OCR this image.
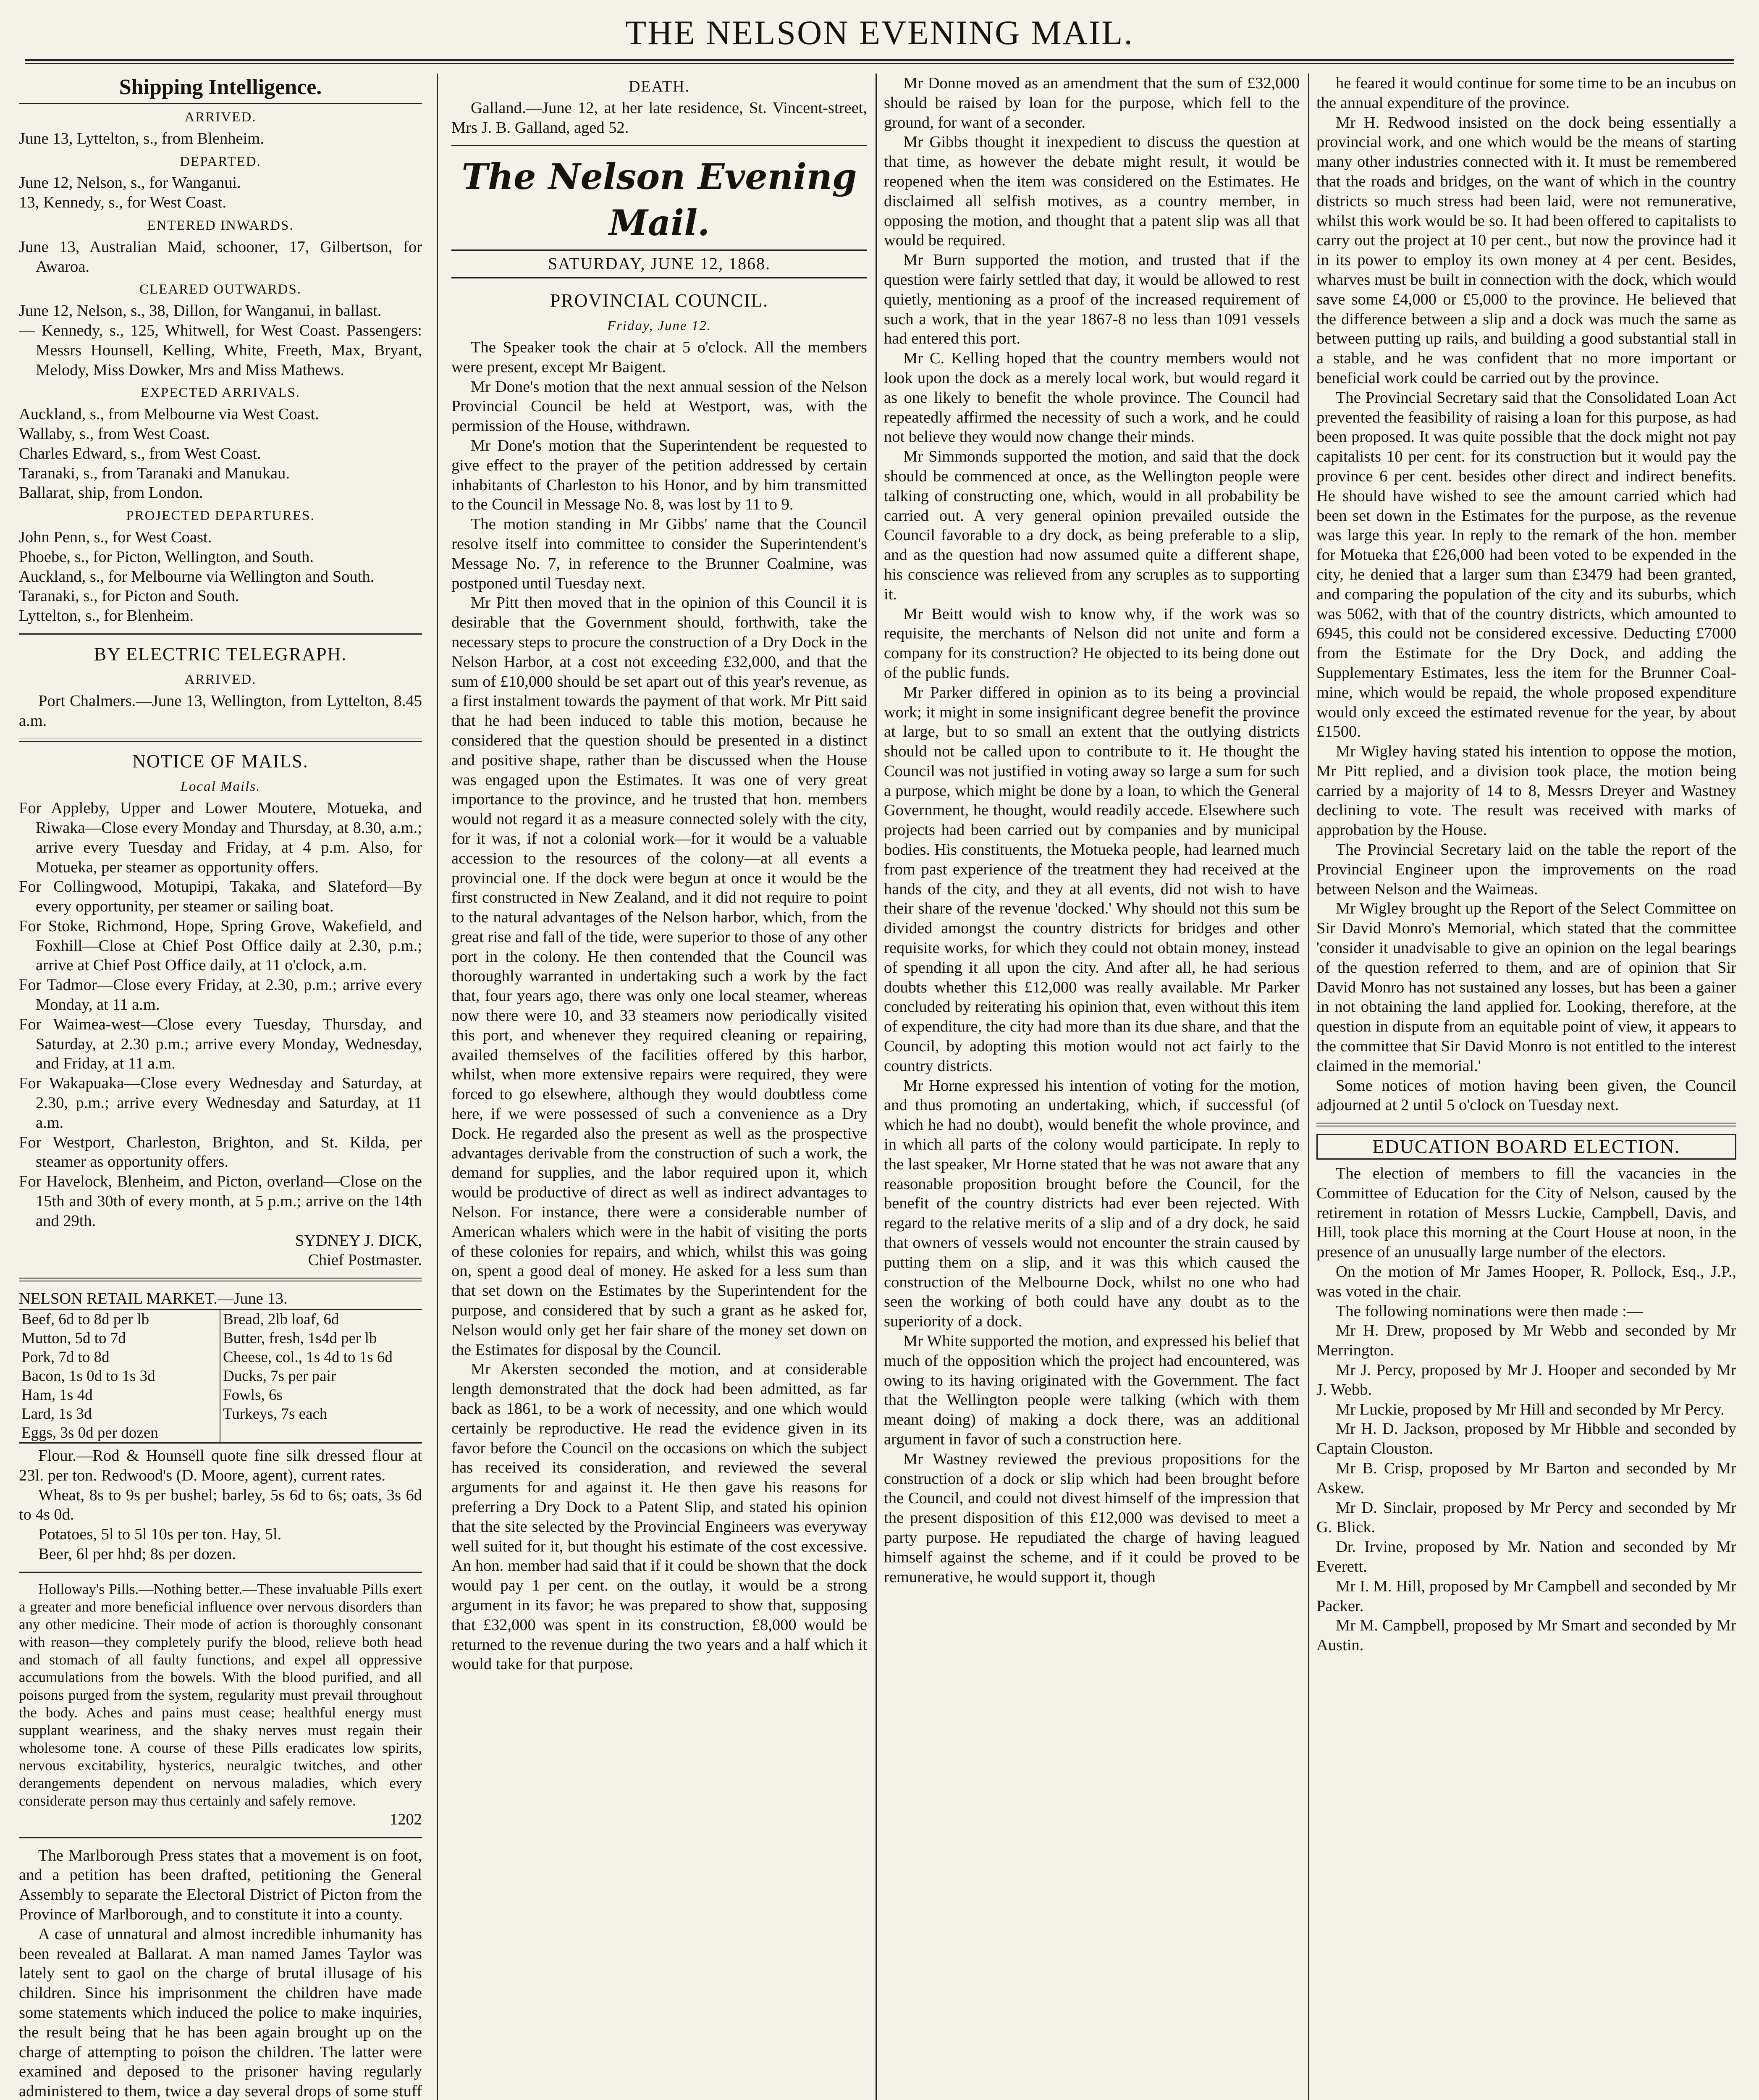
THE NELSON EVENING MAIL.

Shipping Intelligence.

ARRIVED.

June 13, Lyttelton, s., from Blenheim.

DEPARTED.

June 12, Nelson, s., for Wanganui.

13, Kennedy, s., for West Coast.

ENTERED INWARDS.

June 13, Australian Maid, schooner, 17, Gilbertson, for Awaroa.

CLEARED OUTWARDS.

June 12, Nelson, s., 38, Dillon, for Wanganui, in ballast.

— Kennedy, s., 125, Whitwell, for West Coast. Passengers: Messrs Hounsell, Kelling, White, Freeth, Max, Bryant, Melody, Miss Dowker, Mrs and Miss Mathews.

EXPECTED ARRIVALS.

Auckland, s., from Melbourne via West Coast.

Wallaby, s., from West Coast.

Charles Edward, s., from West Coast.

Taranaki, s., from Taranaki and Manukau.

Ballarat, ship, from London.

PROJECTED DEPARTURES.

John Penn, s., for West Coast.

Phoebe, s., for Picton, Wellington, and South.

Auckland, s., for Melbourne via Wellington and South.

Taranaki, s., for Picton and South.

Lyttelton, s., for Blenheim.

BY ELECTRIC TELEGRAPH.

ARRIVED.

Port Chalmers.—June 13, Wellington, from Lyttelton, 8.45 a.m.

NOTICE OF MAILS.

Local Mails.

For Appleby, Upper and Lower Moutere, Motueka, and Riwaka—Close every Monday and Thursday, at 8.30, a.m.; arrive every Tuesday and Friday, at 4 p.m. Also, for Motueka, per steamer as opportunity offers.

For Collingwood, Motupipi, Takaka, and Slateford—By every opportunity, per steamer or sailing boat.

For Stoke, Richmond, Hope, Spring Grove, Wakefield, and Foxhill—Close at Chief Post Office daily at 2.30, p.m.; arrive at Chief Post Office daily, at 11 o'clock, a.m.

For Tadmor—Close every Friday, at 2.30, p.m.; arrive every Monday, at 11 a.m.

For Waimea-west—Close every Tuesday, Thursday, and Saturday, at 2.30 p.m.; arrive every Monday, Wednesday, and Friday, at 11 a.m.

For Wakapuaka—Close every Wednesday and Saturday, at 2.30, p.m.; arrive every Wednesday and Saturday, at 11 a.m.

For Westport, Charleston, Brighton, and St. Kilda, per steamer as opportunity offers.

For Havelock, Blenheim, and Picton, overland—Close on the 15th and 30th of every month, at 5 p.m.; arrive on the 14th and 29th.

SYDNEY J. DICK,

Chief Postmaster.

NELSON RETAIL MARKET.—June 13.

Beef, 6d to 8d per lb	Bread, 2lb loaf, 6d
Mutton, 5d to 7d	Butter, fresh, 1s4d per lb
Pork, 7d to 8d	Cheese, col., 1s 4d to 1s 6d
Bacon, 1s 0d to 1s 3d	Ducks, 7s per pair
Ham, 1s 4d	Fowls, 6s
Lard, 1s 3d	Turkeys, 7s each
Eggs, 3s 0d per dozen

Flour.—Rod & Hounsell quote fine silk dressed flour at 23l. per ton. Redwood's (D. Moore, agent), current rates.

Wheat, 8s to 9s per bushel; barley, 5s 6d to 6s; oats, 3s 6d to 4s 0d.

Potatoes, 5l to 5l 10s per ton. Hay, 5l.

Beer, 6l per hhd; 8s per dozen.

Holloway's Pills.—Nothing better.—These invaluable Pills exert a greater and more beneficial influence over nervous disorders than any other medicine. Their mode of action is thoroughly consonant with reason—they completely purify the blood, relieve both head and stomach of all faulty functions, and expel all oppressive accumulations from the bowels. With the blood purified, and all poisons purged from the system, regularity must prevail throughout the body. Aches and pains must cease; healthful energy must supplant weariness, and the shaky nerves must regain their wholesome tone. A course of these Pills eradicates low spirits, nervous excitability, hysterics, neuralgic twitches, and other derangements dependent on nervous maladies, which every considerate person may thus certainly and safely remove.

1202

The Marlborough Press states that a movement is on foot, and a petition has been drafted, petitioning the General Assembly to separate the Electoral District of Picton from the Province of Marlborough, and to constitute it into a county.

A case of unnatural and almost incredible inhumanity has been revealed at Ballarat. A man named James Taylor was lately sent to gaol on the charge of brutal illusage of his children. Since his imprisonment the children have made some statements which induced the police to make inquiries, the result being that he has been again brought up on the charge of attempting to poison the children. The latter were examined and deposed to the prisoner having regularly administered to them, twice a day several drops of some stuff

DEATH.

Galland.—June 12, at her late residence, St. Vincent-street, Mrs J. B. Galland, aged 52.

The Nelson Evening Mail.

SATURDAY, JUNE 12, 1868.

PROVINCIAL COUNCIL.

Friday, June 12.

The Speaker took the chair at 5 o'clock. All the members were present, except Mr Baigent.

Mr Done's motion that the next annual session of the Nelson Provincial Council be held at Westport, was, with the permission of the House, withdrawn.

Mr Done's motion that the Superintendent be requested to give effect to the prayer of the petition addressed by certain inhabitants of Charleston to his Honor, and by him transmitted to the Council in Message No. 8, was lost by 11 to 9.

The motion standing in Mr Gibbs' name that the Council resolve itself into committee to consider the Superintendent's Message No. 7, in reference to the Brunner Coalmine, was postponed until Tuesday next.

Mr Pitt then moved that in the opinion of this Council it is desirable that the Government should, forthwith, take the necessary steps to procure the construction of a Dry Dock in the Nelson Harbor, at a cost not exceeding £32,000, and that the sum of £10,000 should be set apart out of this year's revenue, as a first instalment towards the payment of that work. Mr Pitt said that he had been induced to table this motion, because he considered that the question should be presented in a distinct and positive shape, rather than be discussed when the House was engaged upon the Estimates. It was one of very great importance to the province, and he trusted that hon. members would not regard it as a measure connected solely with the city, for it was, if not a colonial work—for it would be a valuable accession to the resources of the colony—at all events a provincial one. If the dock were begun at once it would be the first constructed in New Zealand, and it did not require to point to the natural advantages of the Nelson harbor, which, from the great rise and fall of the tide, were superior to those of any other port in the colony. He then contended that the Council was thoroughly warranted in undertaking such a work by the fact that, four years ago, there was only one local steamer, whereas now there were 10, and 33 steamers now periodically visited this port, and whenever they required cleaning or repairing, availed themselves of the facilities offered by this harbor, whilst, when more extensive repairs were required, they were forced to go elsewhere, although they would doubtless come here, if we were possessed of such a convenience as a Dry Dock. He regarded also the present as well as the prospective advantages derivable from the construction of such a work, the demand for supplies, and the labor required upon it, which would be productive of direct as well as indirect advantages to Nelson. For instance, there were a considerable number of American whalers which were in the habit of visiting the ports of these colonies for repairs, and which, whilst this was going on, spent a good deal of money. He asked for a less sum than that set down on the Estimates by the Superintendent for the purpose, and considered that by such a grant as he asked for, Nelson would only get her fair share of the money set down on the Estimates for disposal by the Council.

Mr Akersten seconded the motion, and at considerable length demonstrated that the dock had been admitted, as far back as 1861, to be a work of necessity, and one which would certainly be reproductive. He read the evidence given in its favor before the Council on the occasions on which the subject has received its consideration, and reviewed the several arguments for and against it. He then gave his reasons for preferring a Dry Dock to a Patent Slip, and stated his opinion that the site selected by the Provincial Engineers was everyway well suited for it, but thought his estimate of the cost excessive. An hon. member had said that if it could be shown that the dock would pay 1 per cent. on the outlay, it would be a strong argument in its favor; he was prepared to show that, supposing that £32,000 was spent in its construction, £8,000 would be returned to the revenue during the two years and a half which it would take for that purpose.

Mr Donne moved as an amendment that the sum of £32,000 should be raised by loan for the purpose, which fell to the ground, for want of a seconder.

Mr Gibbs thought it inexpedient to discuss the question at that time, as however the debate might result, it would be reopened when the item was considered on the Estimates. He disclaimed all selfish motives, as a country member, in opposing the motion, and thought that a patent slip was all that would be required.

Mr Burn supported the motion, and trusted that if the question were fairly settled that day, it would be allowed to rest quietly, mentioning as a proof of the increased requirement of such a work, that in the year 1867-8 no less than 1091 vessels had entered this port.

Mr C. Kelling hoped that the country members would not look upon the dock as a merely local work, but would regard it as one likely to benefit the whole province. The Council had repeatedly affirmed the necessity of such a work, and he could not believe they would now change their minds.

Mr Simmonds supported the motion, and said that the dock should be commenced at once, as the Wellington people were talking of constructing one, which, would in all probability be carried out. A very general opinion prevailed outside the Council favorable to a dry dock, as being preferable to a slip, and as the question had now assumed quite a different shape, his conscience was relieved from any scruples as to supporting it.

Mr Beitt would wish to know why, if the work was so requisite, the merchants of Nelson did not unite and form a company for its construction? He objected to its being done out of the public funds.

Mr Parker differed in opinion as to its being a provincial work; it might in some insignificant degree benefit the province at large, but to so small an extent that the outlying districts should not be called upon to contribute to it. He thought the Council was not justified in voting away so large a sum for such a purpose, which might be done by a loan, to which the General Government, he thought, would readily accede. Elsewhere such projects had been carried out by companies and by municipal bodies. His constituents, the Motueka people, had learned much from past experience of the treatment they had received at the hands of the city, and they at all events, did not wish to have their share of the revenue 'docked.' Why should not this sum be divided amongst the country districts for bridges and other requisite works, for which they could not obtain money, instead of spending it all upon the city. And after all, he had serious doubts whether this £12,000 was really available. Mr Parker concluded by reiterating his opinion that, even without this item of expenditure, the city had more than its due share, and that the Council, by adopting this motion would not act fairly to the country districts.

Mr Horne expressed his intention of voting for the motion, and thus promoting an undertaking, which, if successful (of which he had no doubt), would benefit the whole province, and in which all parts of the colony would participate. In reply to the last speaker, Mr Horne stated that he was not aware that any reasonable proposition brought before the Council, for the benefit of the country districts had ever been rejected. With regard to the relative merits of a slip and of a dry dock, he said that owners of vessels would not encounter the strain caused by putting them on a slip, and it was this which caused the construction of the Melbourne Dock, whilst no one who had seen the working of both could have any doubt as to the superiority of a dock.

Mr White supported the motion, and expressed his belief that much of the opposition which the project had encountered, was owing to its having originated with the Government. The fact that the Wellington people were talking (which with them meant doing) of making a dock there, was an additional argument in favor of such a construction here.

Mr Wastney reviewed the previous propositions for the construction of a dock or slip which had been brought before the Council, and could not divest himself of the impression that the present disposition of this £12,000 was devised to meet a party purpose. He repudiated the charge of having leagued himself against the scheme, and if it could be proved to be remunerative, he would support it, though

he feared it would continue for some time to be an incubus on the annual expenditure of the province.

Mr H. Redwood insisted on the dock being essentially a provincial work, and one which would be the means of starting many other industries connected with it. It must be remembered that the roads and bridges, on the want of which in the country districts so much stress had been laid, were not remunerative, whilst this work would be so. It had been offered to capitalists to carry out the project at 10 per cent., but now the province had it in its power to employ its own money at 4 per cent. Besides, wharves must be built in connection with the dock, which would save some £4,000 or £5,000 to the province. He believed that the difference between a slip and a dock was much the same as between putting up rails, and building a good substantial stall in a stable, and he was confident that no more important or beneficial work could be carried out by the province.

The Provincial Secretary said that the Consolidated Loan Act prevented the feasibility of raising a loan for this purpose, as had been proposed. It was quite possible that the dock might not pay capitalists 10 per cent. for its construction but it would pay the province 6 per cent. besides other direct and indirect benefits. He should have wished to see the amount carried which had been set down in the Estimates for the purpose, as the revenue was large this year. In reply to the remark of the hon. member for Motueka that £26,000 had been voted to be expended in the city, he denied that a larger sum than £3479 had been granted, and comparing the population of the city and its suburbs, which was 5062, with that of the country districts, which amounted to 6945, this could not be considered excessive. Deducting £7000 from the Estimate for the Dry Dock, and adding the Supplementary Estimates, less the item for the Brunner Coal-mine, which would be repaid, the whole proposed expenditure would only exceed the estimated revenue for the year, by about £1500.

Mr Wigley having stated his intention to oppose the motion, Mr Pitt replied, and a division took place, the motion being carried by a majority of 14 to 8, Messrs Dreyer and Wastney declining to vote. The result was received with marks of approbation by the House.

The Provincial Secretary laid on the table the report of the Provincial Engineer upon the improvements on the road between Nelson and the Waimeas.

Mr Wigley brought up the Report of the Select Committee on Sir David Monro's Memorial, which stated that the committee 'consider it unadvisable to give an opinion on the legal bearings of the question referred to them, and are of opinion that Sir David Monro has not sustained any losses, but has been a gainer in not obtaining the land applied for. Looking, therefore, at the question in dispute from an equitable point of view, it appears to the committee that Sir David Monro is not entitled to the interest claimed in the memorial.'

Some notices of motion having been given, the Council adjourned at 2 until 5 o'clock on Tuesday next.

EDUCATION BOARD ELECTION.

The election of members to fill the vacancies in the Committee of Education for the City of Nelson, caused by the retirement in rotation of Messrs Luckie, Campbell, Davis, and Hill, took place this morning at the Court House at noon, in the presence of an unusually large number of the electors.

On the motion of Mr James Hooper, R. Pollock, Esq., J.P., was voted in the chair.

The following nominations were then made :—

Mr H. Drew, proposed by Mr Webb and seconded by Mr Merrington.

Mr J. Percy, proposed by Mr J. Hooper and seconded by Mr J. Webb.

Mr Luckie, proposed by Mr Hill and seconded by Mr Percy.

Mr H. D. Jackson, proposed by Mr Hibble and seconded by Captain Clouston.

Mr B. Crisp, proposed by Mr Barton and seconded by Mr Askew.

Mr D. Sinclair, proposed by Mr Percy and seconded by Mr G. Blick.

Dr. Irvine, proposed by Mr. Nation and seconded by Mr Everett.

Mr I. M. Hill, proposed by Mr Campbell and seconded by Mr Packer.

Mr M. Campbell, proposed by Mr Smart and seconded by Mr Austin.
